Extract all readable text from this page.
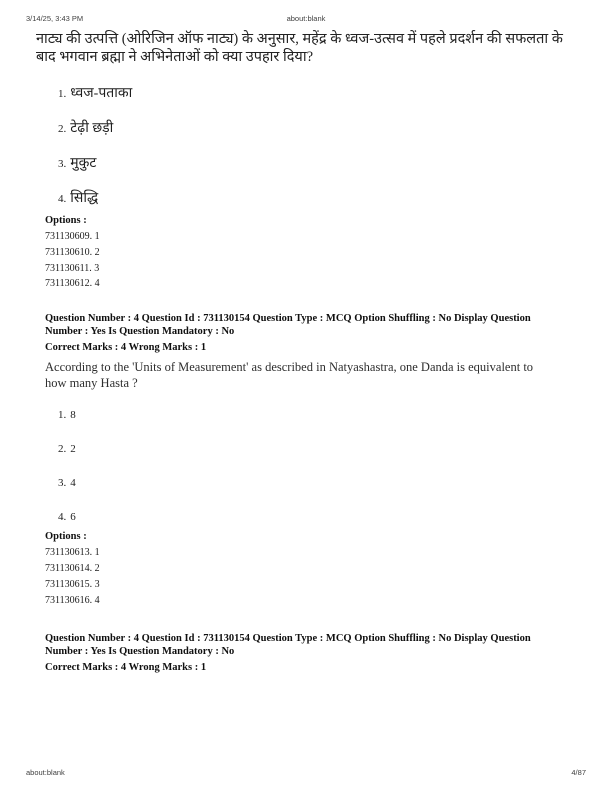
3/14/25, 3:43 PM	about:blank
नाट्य की उत्पत्ति (ओरिजिन ऑफ नाट्य) के अनुसार, महेंद्र के ध्वज-उत्सव में पहले प्रदर्शन की सफलता के
बाद भगवान ब्रह्मा ने अभिनेताओं को क्या उपहार दिया?
1. ध्वज-पताका
2. टेढ़ी छड़ी
3. मुकुट
4. सिद्धि
Options :
731130609. 1
731130610. 2
731130611. 3
731130612. 4
Question Number : 4 Question Id : 731130154 Question Type : MCQ Option Shuffling : No Display Question
Number : Yes Is Question Mandatory : No
Correct Marks : 4 Wrong Marks : 1
According to the 'Units of Measurement' as described in Natyashastra, one Danda is equivalent to
how many Hasta ?
1. 8
2. 2
3. 4
4. 6
Options :
731130613. 1
731130614. 2
731130615. 3
731130616. 4
Question Number : 4 Question Id : 731130154 Question Type : MCQ Option Shuffling : No Display Question
Number : Yes Is Question Mandatory : No
Correct Marks : 4 Wrong Marks : 1
about:blank	4/87
